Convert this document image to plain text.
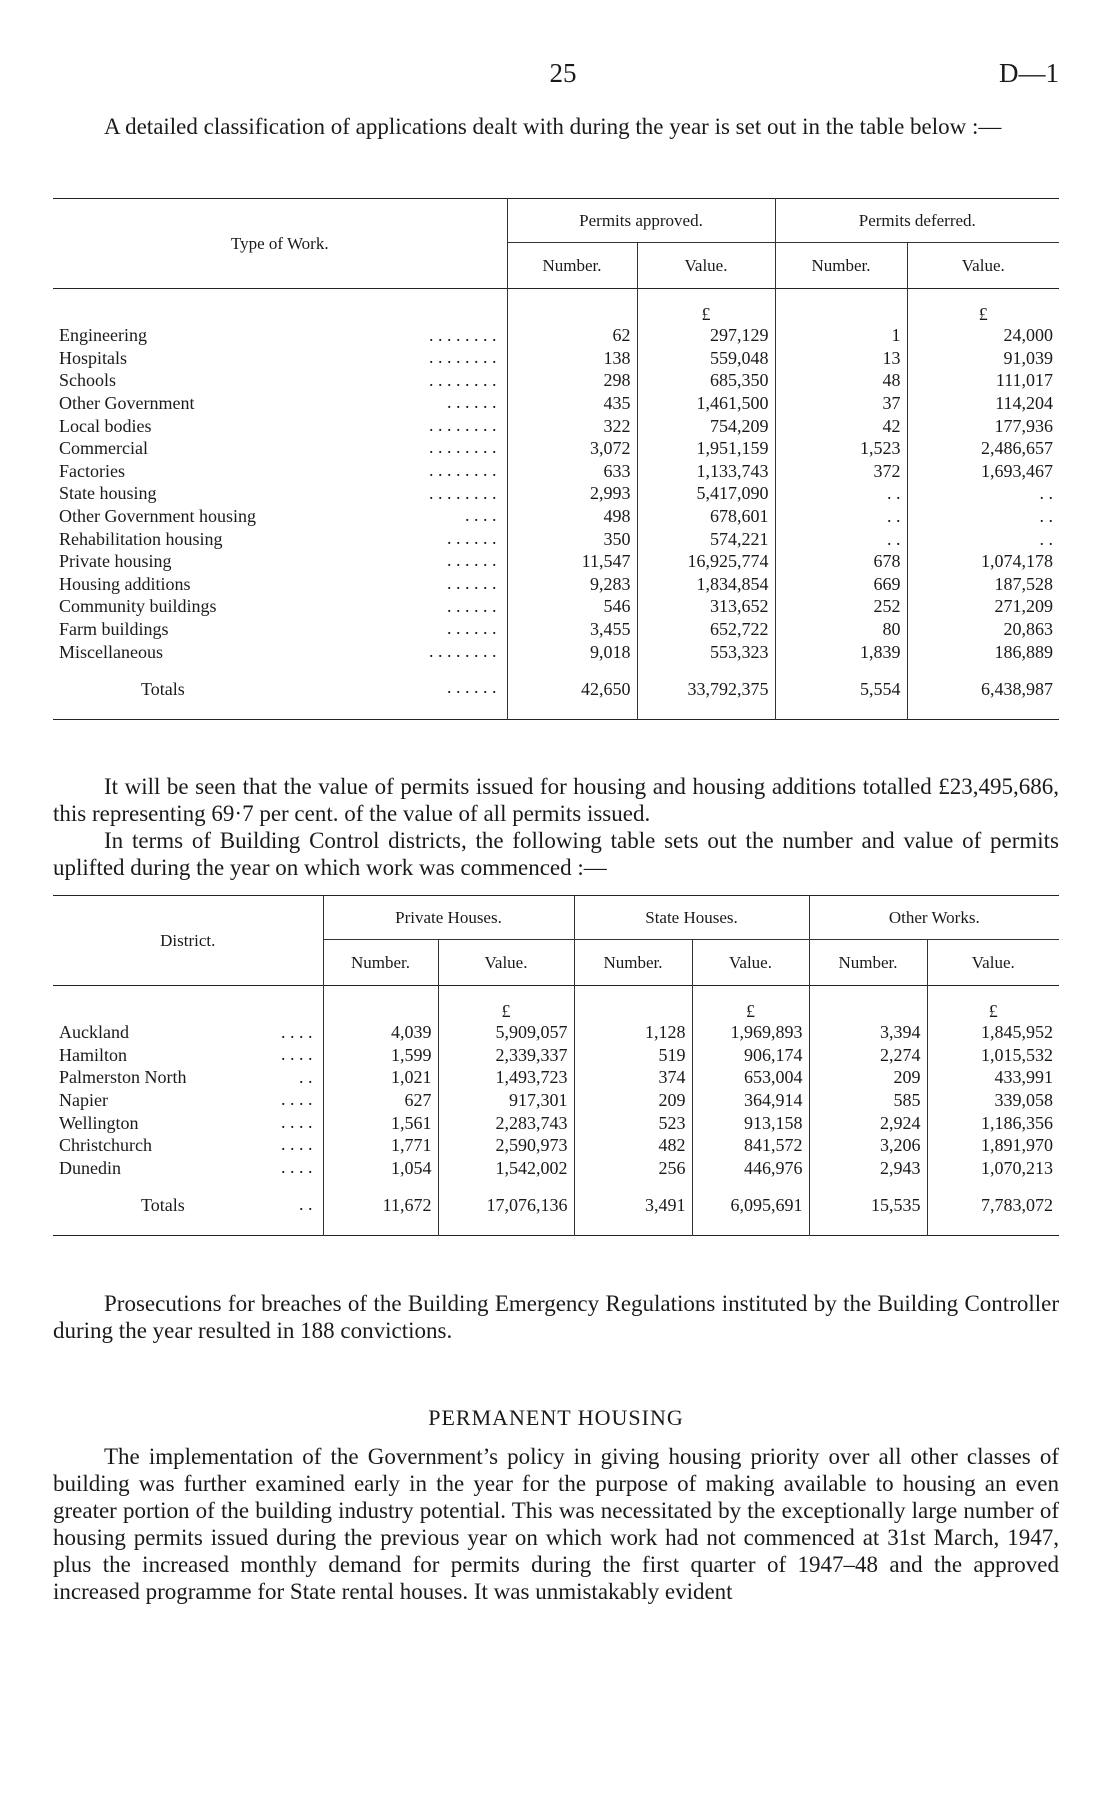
25	D—1

A detailed classification of applications dealt with during the year is set out in the table below :—

Type of Work.	Permits approved.		Permits deferred.	
	Number.	Value.	Number.	Value.
		£		£
Engineering . . . . . . . .	62	297,129	1	24,000
Hospitals . . . . . . . .	138	559,048	13	91,039
Schools . . . . . . . .	298	685,350	48	111,017
Other Government . . . . . .	435	1,461,500	37	114,204
Local bodies . . . . . . . .	322	754,209	42	177,936
Commercial . . . . . . . .	3,072	1,951,159	1,523	2,486,657
Factories . . . . . . . .	633	1,133,743	372	1,693,467
State housing . . . . . . . .	2,993	5,417,090	. .	. .
Other Government housing . . . .	498	678,601	. .	. .
Rehabilitation housing . . . . . .	350	574,221	. .	. .
Private housing . . . . . .	11,547	16,925,774	678	1,074,178
Housing additions . . . . . .	9,283	1,834,854	669	187,528
Community buildings . . . . . .	546	313,652	252	271,209
Farm buildings . . . . . .	3,455	652,722	80	20,863
Miscellaneous . . . . . . . .	9,018	553,323	1,839	186,889

Totals . . . . . .	42,650	33,792,375	5,554	6,438,987

It will be seen that the value of permits issued for housing and housing additions totalled £23,495,686, this representing 69·7 per cent. of the value of all permits issued.

In terms of Building Control districts, the following table sets out the number and value of permits uplifted during the year on which work was commenced :—

District.	Private Houses.		State Houses.		Other Works.	
	Number.	Value.	Number.	Value.	Number.	Value.
		£		£		£
Auckland . . . .	4,039	5,909,057	1,128	1,969,893	3,394	1,845,952
Hamilton . . . .	1,599	2,339,337	519	906,174	2,274	1,015,532
Palmerston North . .	1,021	1,493,723	374	653,004	209	433,991
Napier . . . .	627	917,301	209	364,914	585	339,058
Wellington . . . .	1,561	2,283,743	523	913,158	2,924	1,186,356
Christchurch . . . .	1,771	2,590,973	482	841,572	3,206	1,891,970
Dunedin . . . .	1,054	1,542,002	256	446,976	2,943	1,070,213

Totals . .	11,672	17,076,136	3,491	6,095,691	15,535	7,783,072

Prosecutions for breaches of the Building Emergency Regulations instituted by the Building Controller during the year resulted in 188 convictions.

PERMANENT HOUSING

The implementation of the Government’s policy in giving housing priority over all other classes of building was further examined early in the year for the purpose of making available to housing an even greater portion of the building industry potential. This was necessitated by the exceptionally large number of housing permits issued during the previous year on which work had not commenced at 31st March, 1947, plus the increased monthly demand for permits during the first quarter of 1947–48 and the approved increased programme for State rental houses. It was unmistakably evident
